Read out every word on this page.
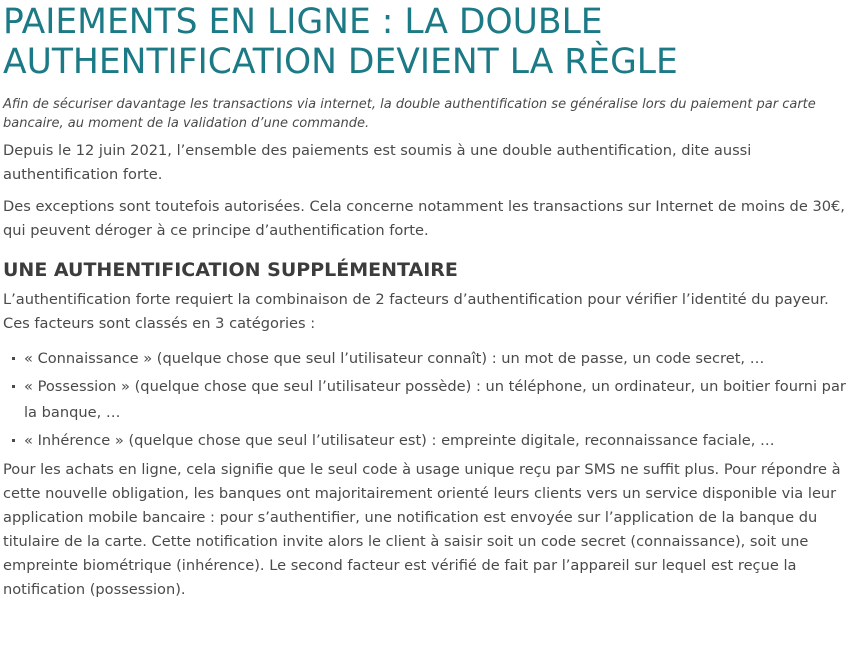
PAIEMENTS EN LIGNE : LA DOUBLE
AUTHENTIFICATION DEVIENT LA RÈGLE

Afin de sécuriser davantage les transactions via internet, la double authentification se généralise lors du paiement par carte bancaire, au moment de la validation d’une commande.

Depuis le 12 juin 2021, l’ensemble des paiements est soumis à une double authentification, dite aussi authentification forte.

Des exceptions sont toutefois autorisées. Cela concerne notamment les transactions sur Internet de moins de 30€, qui peuvent déroger à ce principe d’authentification forte.

UNE AUTHENTIFICATION SUPPLÉMENTAIRE

L’authentification forte requiert la combinaison de 2 facteurs d’authentification pour vérifier l’identité du payeur. Ces facteurs sont classés en 3 catégories :

« Connaissance » (quelque chose que seul l’utilisateur connaît) : un mot de passe, un code secret, …
« Possession » (quelque chose que seul l’utilisateur possède) : un téléphone, un ordinateur, un boitier fourni par la banque, …
« Inhérence » (quelque chose que seul l’utilisateur est) : empreinte digitale, reconnaissance faciale, …

Pour les achats en ligne, cela signifie que le seul code à usage unique reçu par SMS ne suffit plus. Pour répondre à cette nouvelle obligation, les banques ont majoritairement orienté leurs clients vers un service disponible via leur application mobile bancaire : pour s’authentifier, une notification est envoyée sur l’application de la banque du titulaire de la carte. Cette notification invite alors le client à saisir soit un code secret (connaissance), soit une empreinte biométrique (inhérence). Le second facteur est vérifié de fait par l’appareil sur lequel est reçue la notification (possession).
